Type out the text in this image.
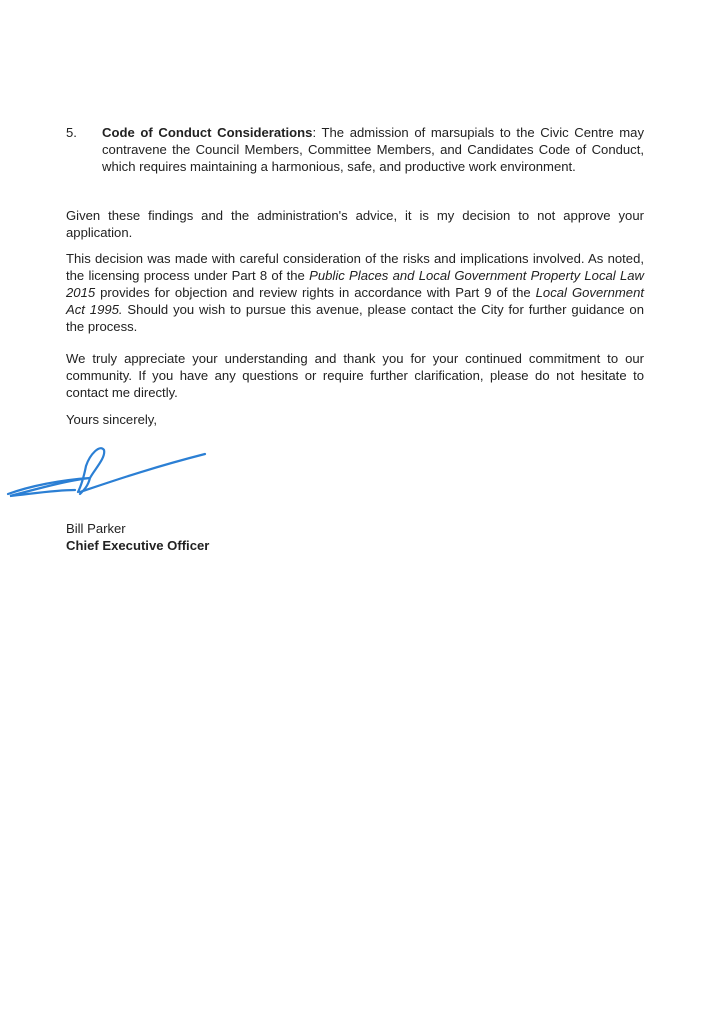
5.	Code of Conduct Considerations: The admission of marsupials to the Civic Centre may contravene the Council Members, Committee Members, and Candidates Code of Conduct, which requires maintaining a harmonious, safe, and productive work environment.

Given these findings and the administration's advice, it is my decision to not approve your application.

This decision was made with careful consideration of the risks and implications involved. As noted, the licensing process under Part 8 of the Public Places and Local Government Property Local Law 2015 provides for objection and review rights in accordance with Part 9 of the Local Government Act 1995. Should you wish to pursue this avenue, please contact the City for further guidance on the process.

We truly appreciate your understanding and thank you for your continued commitment to our community. If you have any questions or require further clarification, please do not hesitate to contact me directly.

Yours sincerely,

Bill Parker
Chief Executive Officer
